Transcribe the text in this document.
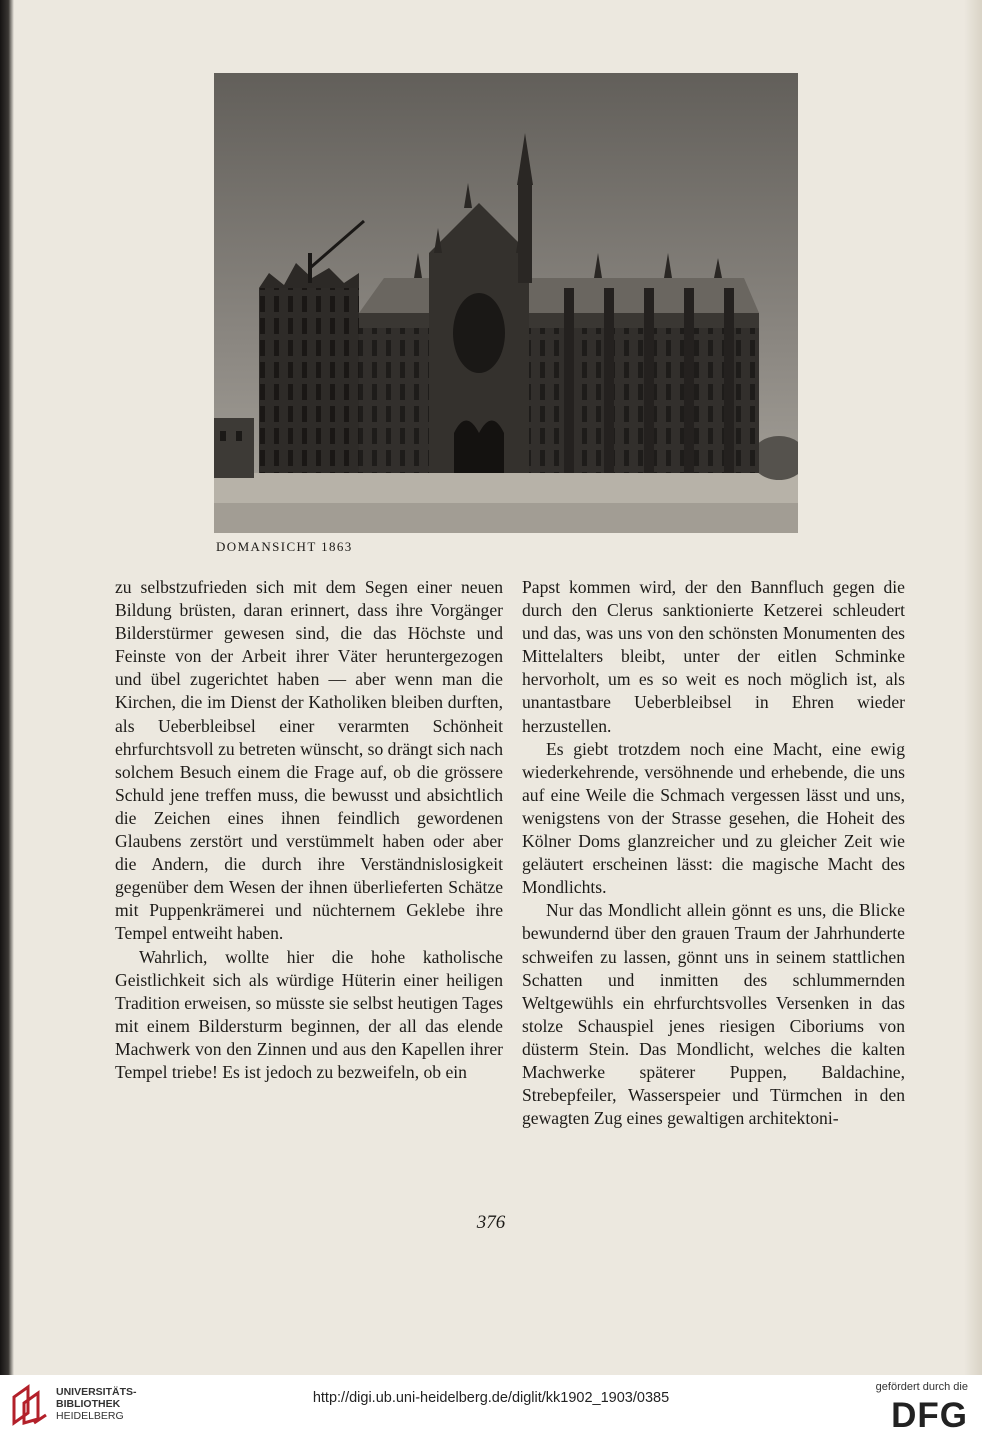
DOMANSICHT 1863

zu selbstzufrieden sich mit dem Segen einer neuen Bildung brüsten, daran erinnert, dass ihre Vorgänger Bilderstürmer gewesen sind, die das Höchste und Feinste von der Arbeit ihrer Väter heruntergezogen und übel zugerichtet haben — aber wenn man die Kirchen, die im Dienst der Katholiken bleiben durften, als Ueberbleibsel einer verarmten Schönheit ehrfurchtsvoll zu betreten wünscht, so drängt sich nach solchem Besuch einem die Frage auf, ob die grössere Schuld jene treffen muss, die bewusst und absichtlich die Zeichen eines ihnen feindlich gewordenen Glaubens zerstört und verstümmelt haben oder aber die Andern, die durch ihre Verständnislosigkeit gegenüber dem Wesen der ihnen überlieferten Schätze mit Puppenkrämerei und nüchternem Geklebe ihre Tempel entweiht haben.

Wahrlich, wollte hier die hohe katholische Geistlichkeit sich als würdige Hüterin einer heiligen Tradition erweisen, so müsste sie selbst heutigen Tages mit einem Bildersturm beginnen, der all das elende Machwerk von den Zinnen und aus den Kapellen ihrer Tempel triebe! Es ist jedoch zu bezweifeln, ob ein

Papst kommen wird, der den Bannfluch gegen die durch den Clerus sanktionierte Ketzerei schleudert und das, was uns von den schönsten Monumenten des Mittelalters bleibt, unter der eitlen Schminke hervorholt, um es so weit es noch möglich ist, als unantastbare Ueberbleibsel in Ehren wieder herzustellen.

Es giebt trotzdem noch eine Macht, eine ewig wiederkehrende, versöhnende und erhebende, die uns auf eine Weile die Schmach vergessen lässt und uns, wenigstens von der Strasse gesehen, die Hoheit des Kölner Doms glanzreicher und zu gleicher Zeit wie geläutert erscheinen lässt: die magische Macht des Mondlichts.

Nur das Mondlicht allein gönnt es uns, die Blicke bewundernd über den grauen Traum der Jahrhunderte schweifen zu lassen, gönnt uns in seinem stattlichen Schatten und inmitten des schlummernden Weltgewühls ein ehrfurchtsvolles Versenken in das stolze Schauspiel jenes riesigen Ciboriums von düsterm Stein. Das Mondlicht, welches die kalten Machwerke späterer Puppen, Baldachine, Strebepfeiler, Wasserspeier und Türmchen in den gewagten Zug eines gewaltigen architektoni-

376
UNIVERSITÄTS-
BIBLIOTHEK
HEIDELBERG
http://digi.ub.uni-heidelberg.de/diglit/kk1902_1903/0385
gefördert durch die
DFG
